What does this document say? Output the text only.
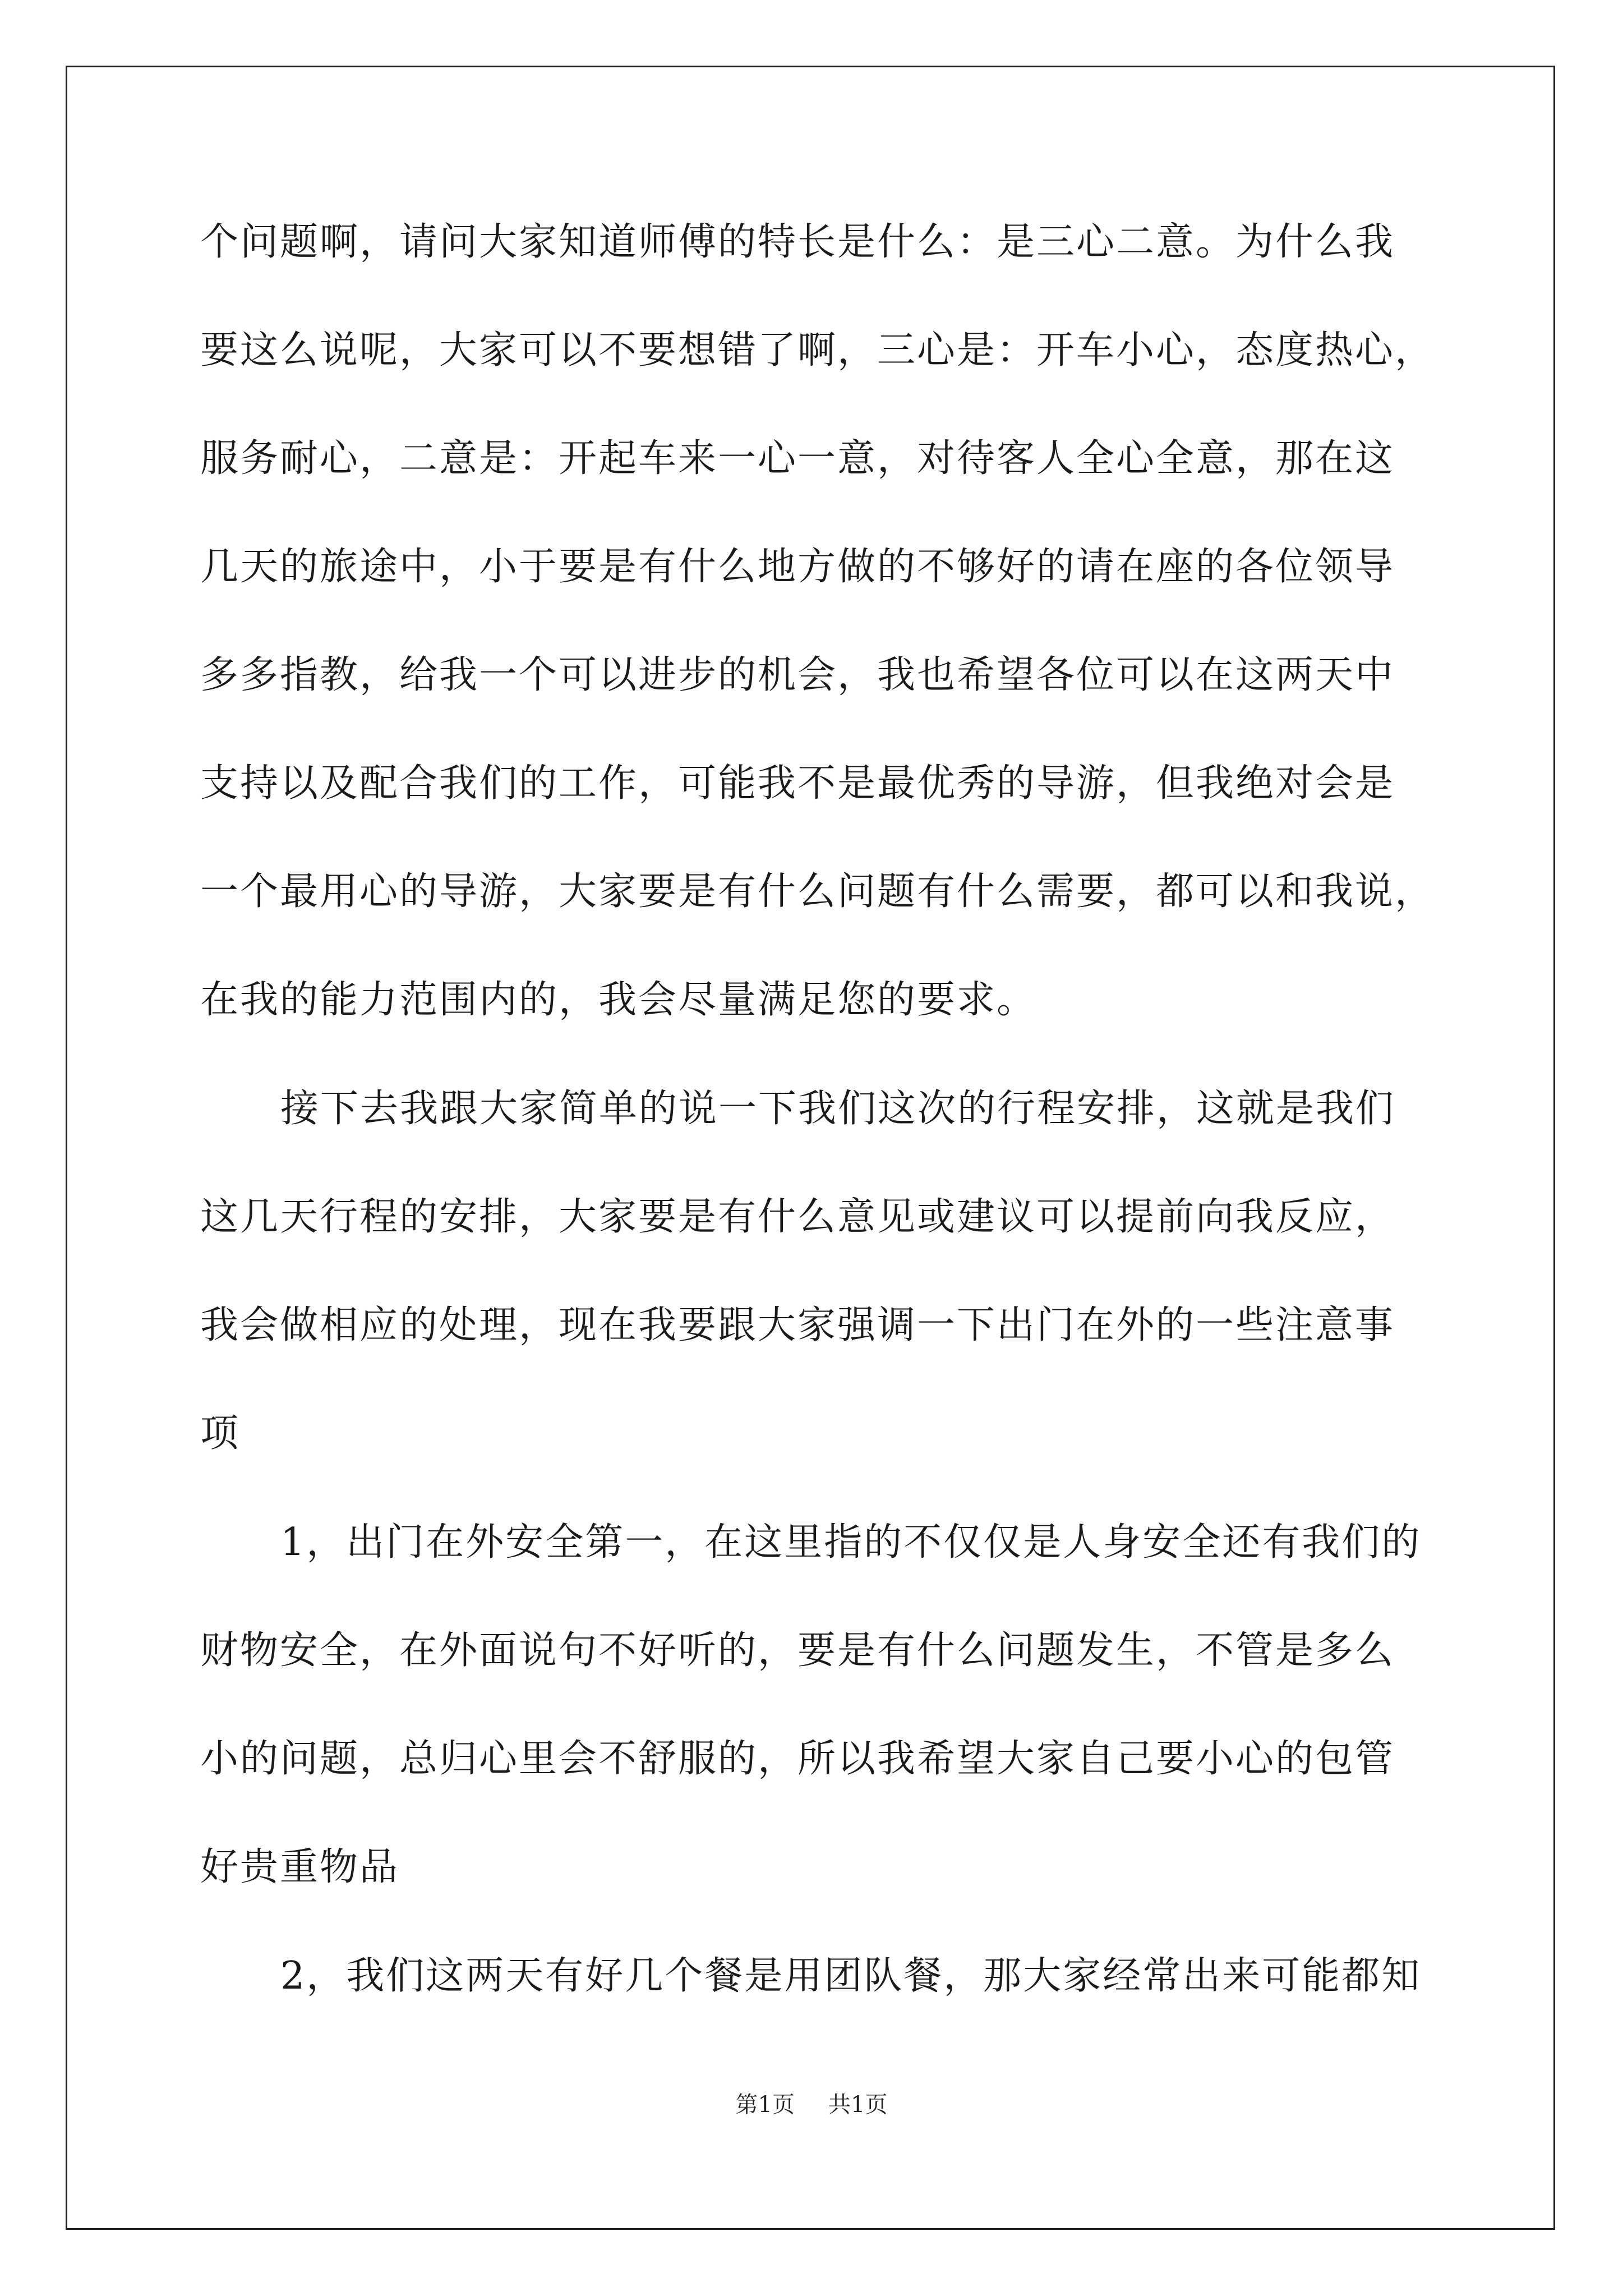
个问题啊，请问大家知道师傅的特长是什么：是三心二意。为什么我
要这么说呢，大家可以不要想错了啊，三心是：开车小心，态度热心，
服务耐心，二意是：开起车来一心一意，对待客人全心全意，那在这
几天的旅途中，小于要是有什么地方做的不够好的请在座的各位领导
多多指教，给我一个可以进步的机会，我也希望各位可以在这两天中
支持以及配合我们的工作，可能我不是最优秀的导游，但我绝对会是
一个最用心的导游，大家要是有什么问题有什么需要，都可以和我说，
在我的能力范围内的，我会尽量满足您的要求。
接下去我跟大家简单的说一下我们这次的行程安排，这就是我们
这几天行程的安排，大家要是有什么意见或建议可以提前向我反应，
我会做相应的处理，现在我要跟大家强调一下出门在外的一些注意事
项
1，出门在外安全第一，在这里指的不仅仅是人身安全还有我们的
财物安全，在外面说句不好听的，要是有什么问题发生，不管是多么
小的问题，总归心里会不舒服的，所以我希望大家自己要小心的包管
好贵重物品
2，我们这两天有好几个餐是用团队餐，那大家经常出来可能都知
第1页 共1页
